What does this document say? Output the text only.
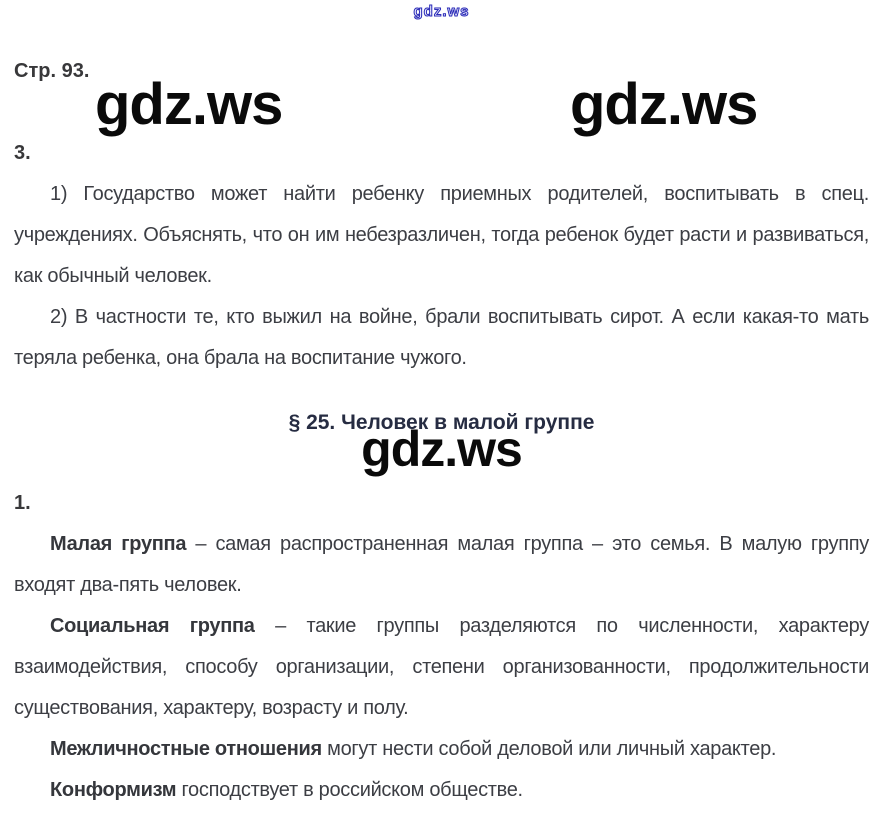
gdz.ws
gdz.ws	gdz.ws
gdz.ws
Стр. 93.
3.

1) Государство может найти ребенку приемных родителей, воспитывать в спец. учреждениях. Объяснять, что он им небезразличен, тогда ребенок будет расти и развиваться, как обычный человек.

2) В частности те, кто выжил на войне, брали воспитывать сирот. А если какая-то мать теряла ребенка, она брала на воспитание чужого.

§ 25. Человек в малой группе
1.

Малая группа – самая распространенная малая группа – это семья. В малую группу входят два-пять человек.

Социальная группа – такие группы разделяются по численности, характеру взаимодействия, способу организации, степени организованности, продолжительности существования, характеру, возрасту и полу.

Межличностные отношения могут нести собой деловой или личный характер.

Конформизм господствует в российском обществе.
